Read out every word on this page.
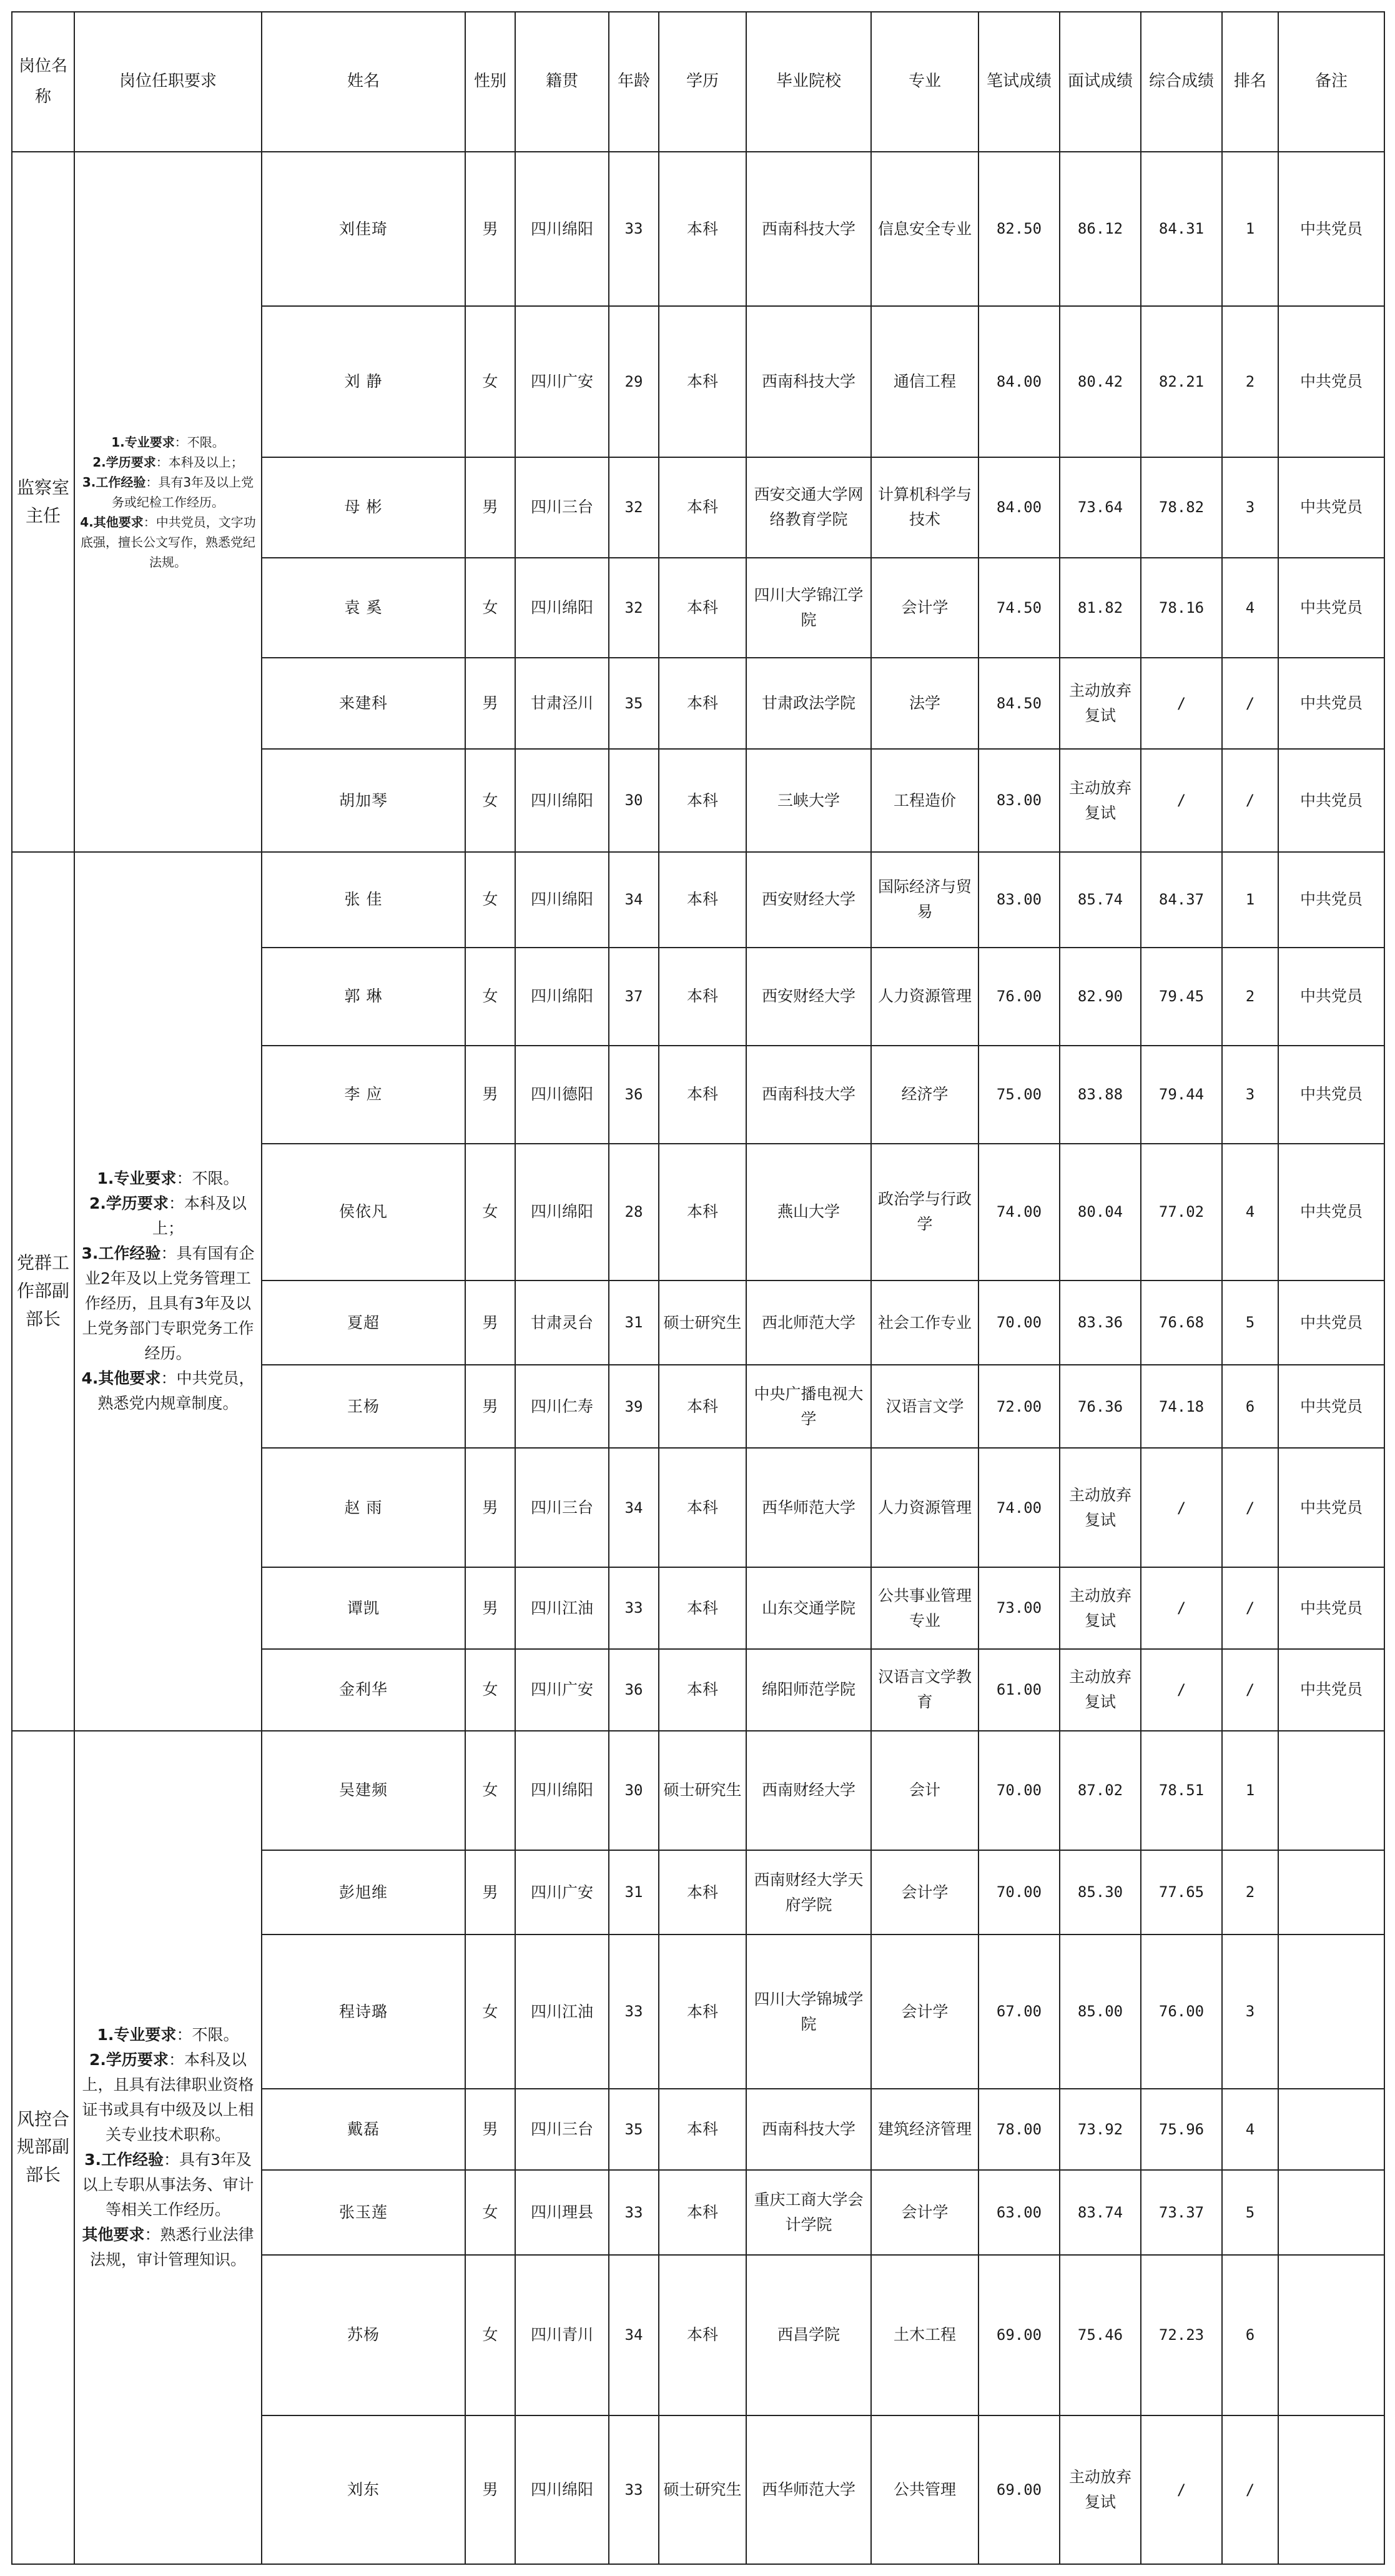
岗位名称	岗位任职要求	姓名	性别	籍贯	年龄	学历	毕业院校	专业	笔试成绩	面试成绩	综合成绩	排名	备注
监察室主任	1.专业要求：不限。

2.学历要求：本科及以上；

3.工作经验：具有3年及以上党务或纪检工作经历。

4.其他要求：中共党员，文字功底强，擅长公文写作，熟悉党纪法规。	刘佳琦	男	四川绵阳	33	本科	西南科技大学	信息安全专业	82.50	86.12	84.31	1	中共党员
		刘 静	女	四川广安	29	本科	西南科技大学	通信工程	84.00	80.42	82.21	2	中共党员
		母 彬	男	四川三台	32	本科	西安交通大学网络教育学院	计算机科学与技术	84.00	73.64	78.82	3	中共党员
		袁 奚	女	四川绵阳	32	本科	四川大学锦江学院	会计学	74.50	81.82	78.16	4	中共党员
		来建科	男	甘肃泾川	35	本科	甘肃政法学院	法学	84.50	主动放弃复试	/	/	中共党员
		胡加琴	女	四川绵阳	30	本科	三峡大学	工程造价	83.00	主动放弃复试	/	/	中共党员
党群工作部副部长	1.专业要求：不限。

2.学历要求：本科及以上；

3.工作经验：具有国有企业2年及以上党务管理工作经历，且具有3年及以上党务部门专职党务工作经历。

4.其他要求：中共党员，熟悉党内规章制度。	张 佳	女	四川绵阳	34	本科	西安财经大学	国际经济与贸易	83.00	85.74	84.37	1	中共党员
		郭 琳	女	四川绵阳	37	本科	西安财经大学	人力资源管理	76.00	82.90	79.45	2	中共党员
		李 应	男	四川德阳	36	本科	西南科技大学	经济学	75.00	83.88	79.44	3	中共党员
		侯依凡	女	四川绵阳	28	本科	燕山大学	政治学与行政学	74.00	80.04	77.02	4	中共党员
		夏超	男	甘肃灵台	31	硕士研究生	西北师范大学	社会工作专业	70.00	83.36	76.68	5	中共党员
		王杨	男	四川仁寿	39	本科	中央广播电视大学	汉语言文学	72.00	76.36	74.18	6	中共党员
		赵 雨	男	四川三台	34	本科	西华师范大学	人力资源管理	74.00	主动放弃复试	/	/	中共党员
		谭凯	男	四川江油	33	本科	山东交通学院	公共事业管理专业	73.00	主动放弃复试	/	/	中共党员
		金利华	女	四川广安	36	本科	绵阳师范学院	汉语言文学教育	61.00	主动放弃复试	/	/	中共党员
风控合规部副部长	1.专业要求：不限。

2.学历要求：本科及以上，且具有法律职业资格证书或具有中级及以上相关专业技术职称。

3.工作经验：具有3年及以上专职从事法务、审计等相关工作经历。

其他要求：熟悉行业法律法规，审计管理知识。	吴建频	女	四川绵阳	30	硕士研究生	西南财经大学	会计	70.00	87.02	78.51	1	
		彭旭维	男	四川广安	31	本科	西南财经大学天府学院	会计学	70.00	85.30	77.65	2	
		程诗璐	女	四川江油	33	本科	四川大学锦城学院	会计学	67.00	85.00	76.00	3	
		戴磊	男	四川三台	35	本科	西南科技大学	建筑经济管理	78.00	73.92	75.96	4	
		张玉莲	女	四川理县	33	本科	重庆工商大学会计学院	会计学	63.00	83.74	73.37	5	
		苏杨	女	四川青川	34	本科	西昌学院	土木工程	69.00	75.46	72.23	6	
		刘东	男	四川绵阳	33	硕士研究生	西华师范大学	公共管理	69.00	主动放弃复试	/	/	
